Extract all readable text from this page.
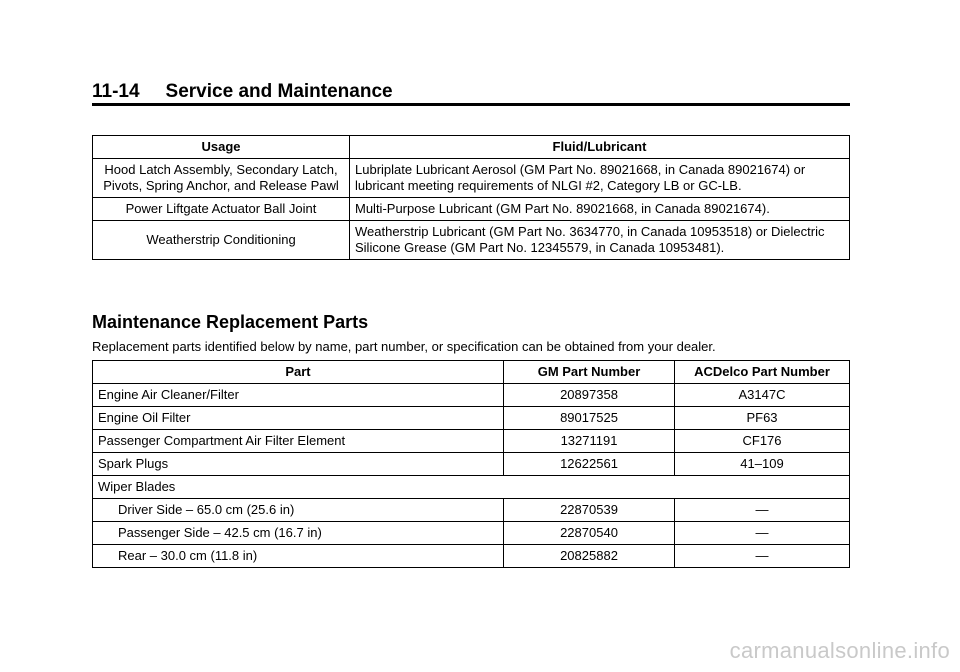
11-14 Service and Maintenance
Usage	Fluid/Lubricant
Hood Latch Assembly, Secondary Latch, Pivots, Spring Anchor, and Release Pawl	Lubriplate Lubricant Aerosol (GM Part No. 89021668, in Canada 89021674) or lubricant meeting requirements of NLGI #2, Category LB or GC-LB.
Power Liftgate Actuator Ball Joint	Multi-Purpose Lubricant (GM Part No. 89021668, in Canada 89021674).
Weatherstrip Conditioning	Weatherstrip Lubricant (GM Part No. 3634770, in Canada 10953518) or Dielectric Silicone Grease (GM Part No. 12345579, in Canada 10953481).
Maintenance Replacement Parts
Replacement parts identified below by name, part number, or specification can be obtained from your dealer.
Part	GM Part Number	ACDelco Part Number
Engine Air Cleaner/Filter	20897358	A3147C
Engine Oil Filter	89017525	PF63
Passenger Compartment Air Filter Element	13271191	CF176
Spark Plugs	12622561	41–109
Wiper Blades		
Driver Side – 65.0 cm (25.6 in)	22870539	—
Passenger Side – 42.5 cm (16.7 in)	22870540	—
Rear – 30.0 cm (11.8 in)	20825882	—
carmanualsonline.info
